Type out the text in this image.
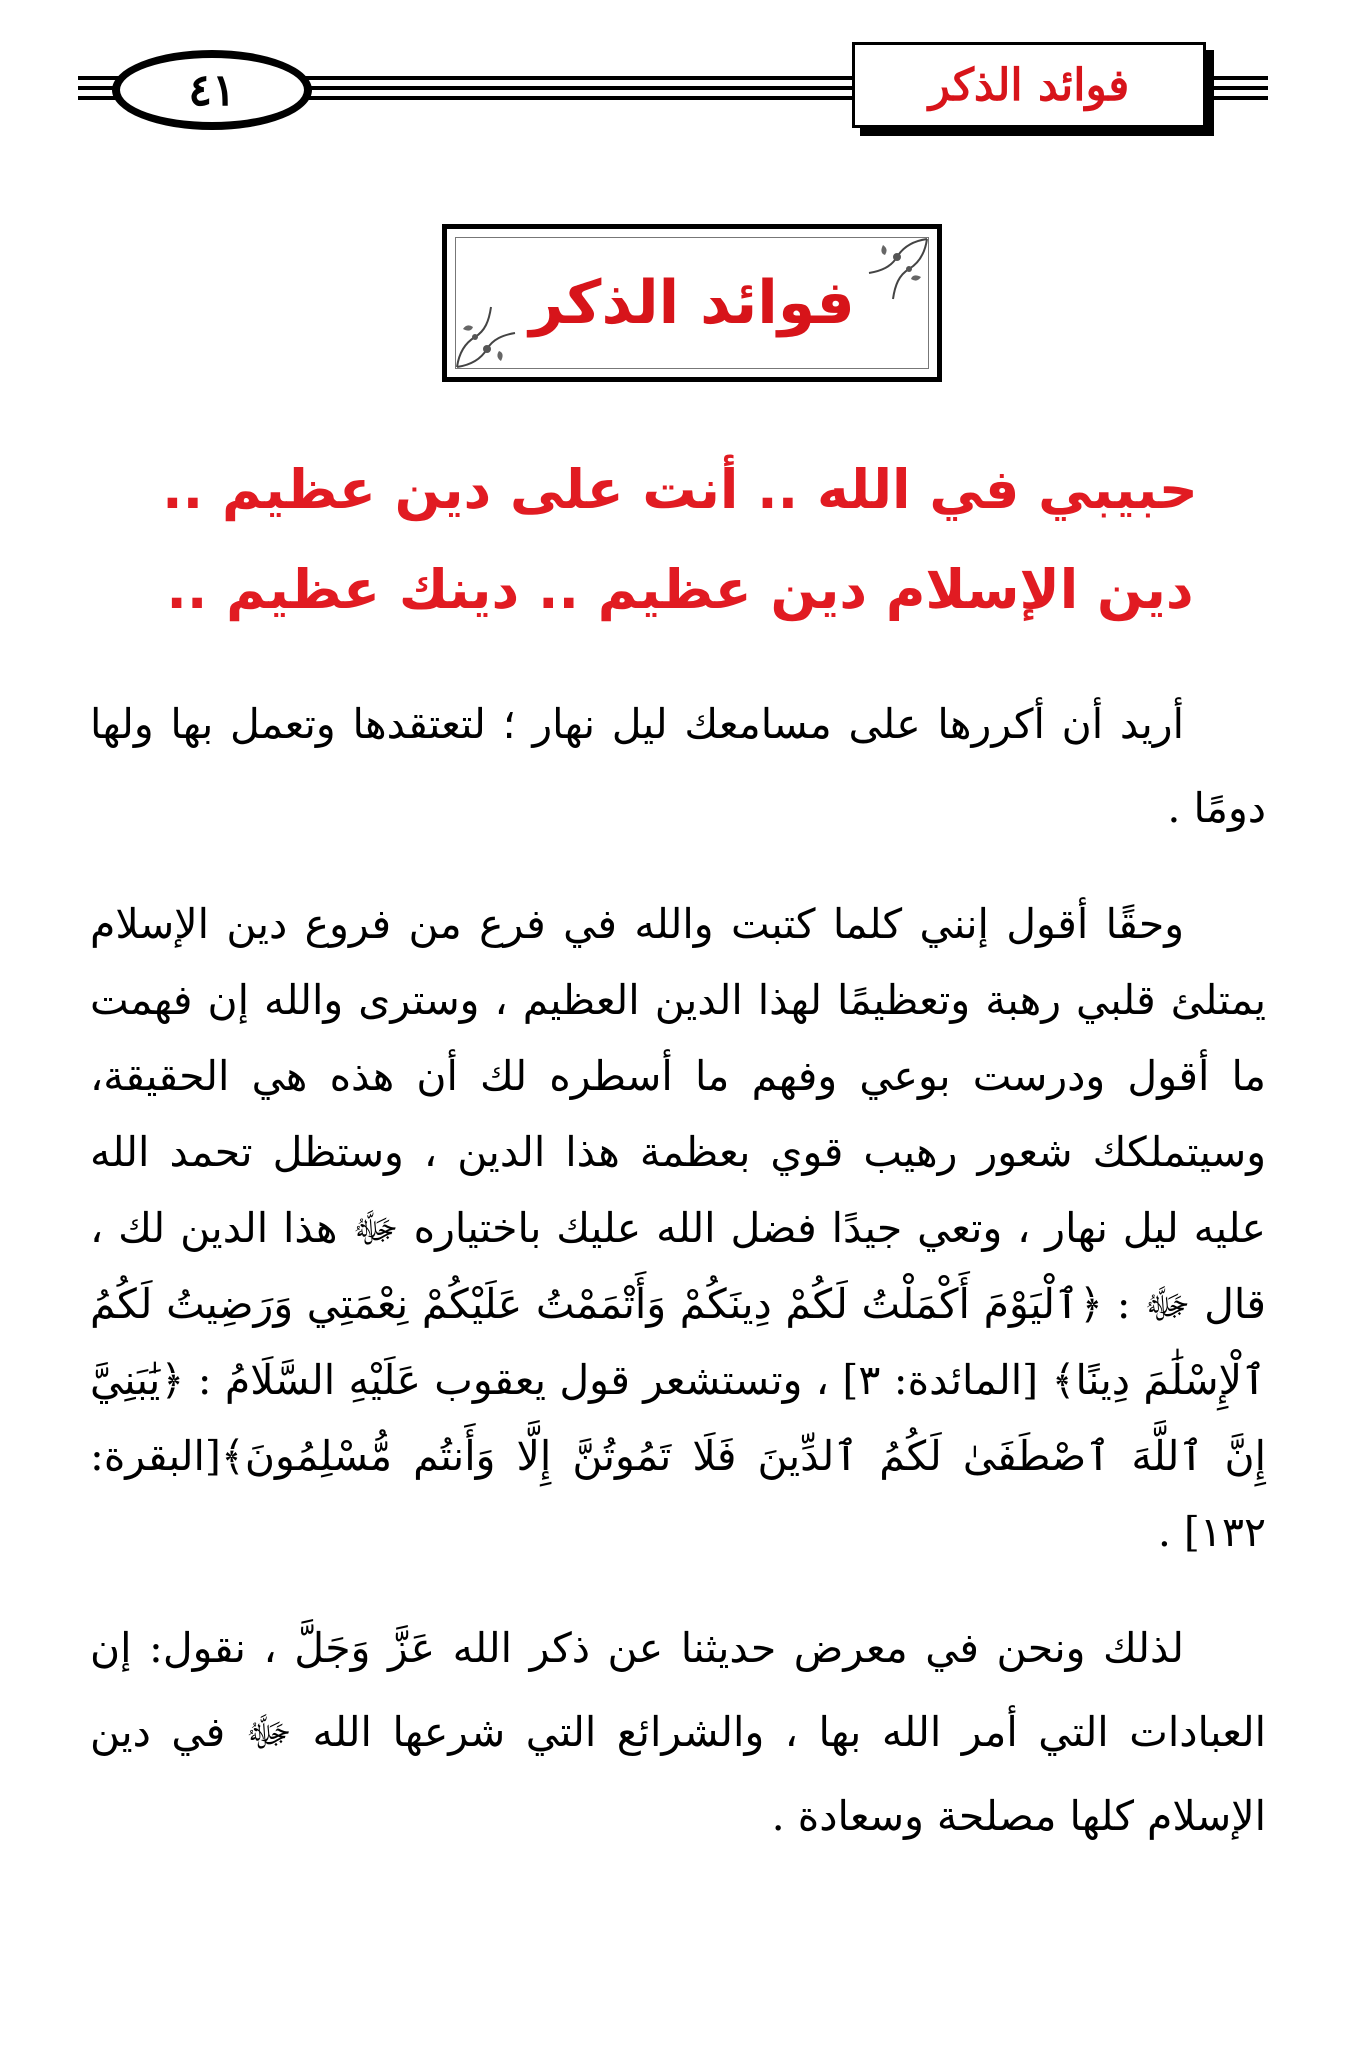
٤١	فوائد الذكر
فوائد الذكر
حبيبي في الله .. أنت على دين عظيم ..
دين الإسلام دين عظيم .. دينك عظيم ..

أريد أن أكررها على مسامعك ليل نهار ؛ لتعتقدها وتعمل بها ولها دومًا .

وحقًا أقول إنني كلما كتبت والله في فرع من فروع دين الإسلام يمتلئ قلبي رهبة وتعظيمًا لهذا الدين العظيم ، وسترى والله إن فهمت ما أقول ودرست بوعي وفهم ما أسطره لك أن هذه هي الحقيقة، وسيتملكك شعور رهيب قوي بعظمة هذا الدين ، وستظل تحمد الله عليه ليل نهار ، وتعي جيدًا فضل الله عليك باختياره ﷻ هذا الدين لك ، قال ﷻ : ﴿ٱلْيَوْمَ أَكْمَلْتُ لَكُمْ دِينَكُمْ وَأَتْمَمْتُ عَلَيْكُمْ نِعْمَتِي وَرَضِيتُ لَكُمُ ٱلْإِسْلَٰمَ دِينًا﴾ [المائدة: ٣] ، وتستشعر قول يعقوب عَلَيْهِ السَّلَامُ : ﴿يَٰبَنِيَّ إِنَّ ٱللَّهَ ٱصْطَفَىٰ لَكُمُ ٱلدِّينَ فَلَا تَمُوتُنَّ إِلَّا وَأَنتُم مُّسْلِمُونَ﴾[البقرة: ١٣٢] .

لذلك ونحن في معرض حديثنا عن ذكر الله عَزَّ وَجَلَّ ، نقول: إن العبادات التي أمر الله بها ، والشرائع التي شرعها الله ﷻ في دين الإسلام كلها مصلحة وسعادة .
